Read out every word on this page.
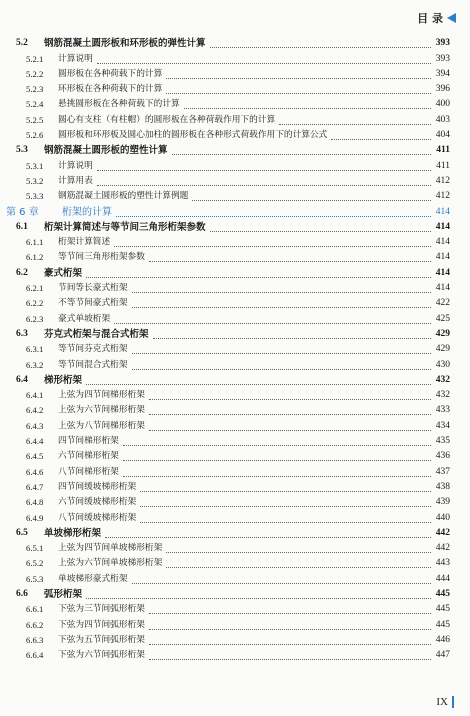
目 录
5.2	钢筋混凝土圆形板和环形板的弹性计算	393
5.2.1	计算说明	393
5.2.2	圆形板在各种荷载下的计算	394
5.2.3	环形板在各种荷载下的计算	396
5.2.4	悬挑圆形板在各种荷载下的计算	400
5.2.5	圆心有支柱（有柱帽）的圆形板在各种荷载作用下的计算	403
5.2.6	圆形板和环形板及圆心加柱的圆形板在各种形式荷载作用下的计算公式	404
5.3	钢筋混凝土圆形板的塑性计算	411
5.3.1	计算说明	411
5.3.2	计算用表	412
5.3.3	钢筋混凝土圆形板的塑性计算例题	412
第 6 章	桁架的计算	414
6.1	桁架计算简述与等节间三角形桁架参数	414
6.1.1	桁架计算简述	414
6.1.2	等节间三角形桁架参数	414
6.2	豪式桁架	414
6.2.1	节间等长豪式桁架	414
6.2.2	不等节间豪式桁架	422
6.2.3	豪式单坡桁架	425
6.3	芬克式桁架与混合式桁架	429
6.3.1	等节间芬克式桁架	429
6.3.2	等节间混合式桁架	430
6.4	梯形桁架	432
6.4.1	上弦为四节间梯形桁架	432
6.4.2	上弦为六节间梯形桁架	433
6.4.3	上弦为八节间梯形桁架	434
6.4.4	四节间梯形桁架	435
6.4.5	六节间梯形桁架	436
6.4.6	八节间梯形桁架	437
6.4.7	四节间缓坡梯形桁架	438
6.4.8	六节间缓坡梯形桁架	439
6.4.9	八节间缓坡梯形桁架	440
6.5	单坡梯形桁架	442
6.5.1	上弦为四节间单坡梯形桁架	442
6.5.2	上弦为六节间单坡梯形桁架	443
6.5.3	单坡梯形豪式桁架	444
6.6	弧形桁架	445
6.6.1	下弦为三节间弧形桁架	445
6.6.2	下弦为四节间弧形桁架	445
6.6.3	下弦为五节间弧形桁架	446
6.6.4	下弦为六节间弧形桁架	447
IX
